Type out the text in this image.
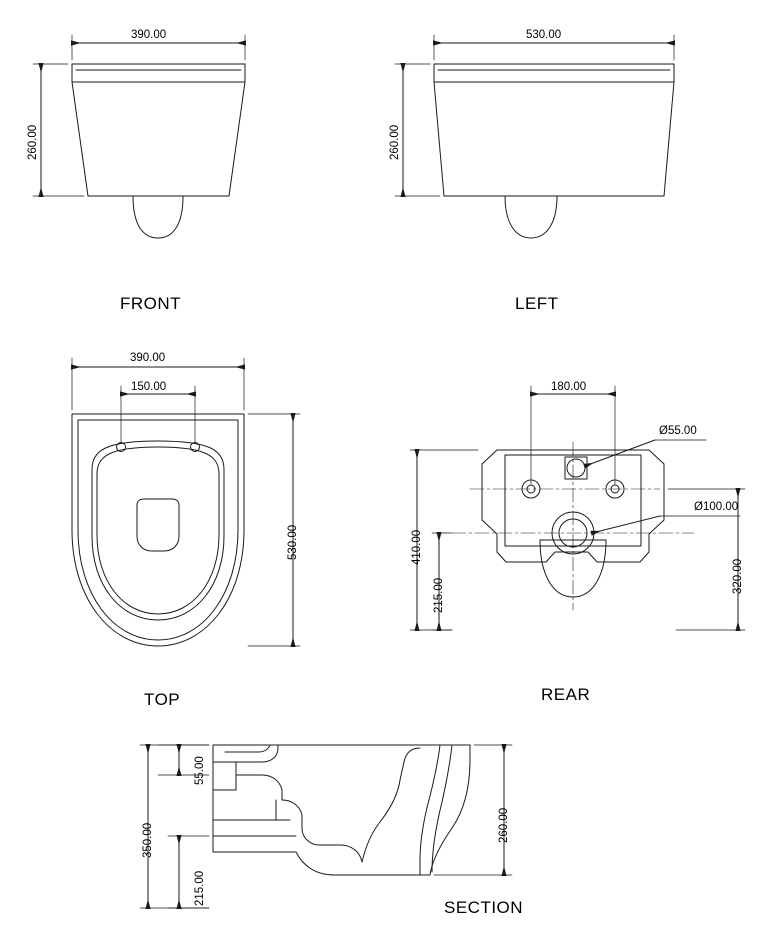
390.00
260.00
530.00
260.00
390.00
150.00
530.00
180.00
Ø55.00
Ø100.00
410.00
215.00
320.00
55.00
350.00
215.00
260.00
FRONT	LEFT
TOP	REAR
SECTION
